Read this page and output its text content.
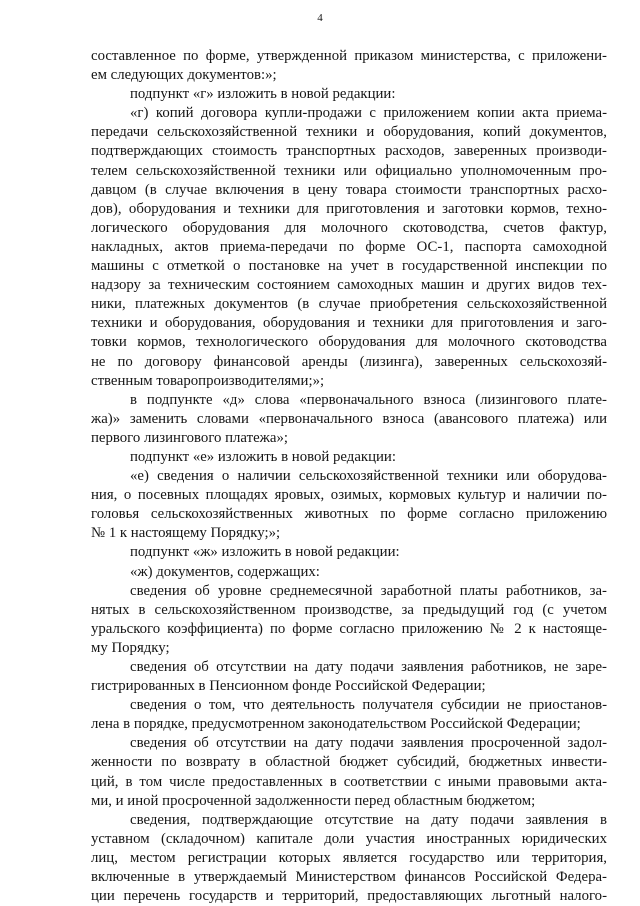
4
составленное по форме, утвержденной приказом министерства, с приложени-
ем следующих документов:»;
подпункт «г» изложить в новой редакции:
«г) копий договора купли-продажи с приложением копии акта приема-
передачи сельскохозяйственной техники и оборудования, копий документов,
подтверждающих стоимость транспортных расходов, заверенных производи-
телем сельскохозяйственной техники или официально уполномоченным про-
давцом (в случае включения в цену товара стоимости транспортных расхо-
дов), оборудования и техники для приготовления и заготовки кормов, техно-
логического оборудования для молочного скотоводства, счетов фактур,
накладных, актов приема-передачи по форме ОС-1, паспорта самоходной
машины с отметкой о постановке на учет в государственной инспекции по
надзору за техническим состоянием самоходных машин и других видов тех-
ники, платежных документов (в случае приобретения сельскохозяйственной
техники и оборудования, оборудования и техники для приготовления и заго-
товки кормов, технологического оборудования для молочного скотоводства
не по договору финансовой аренды (лизинга), заверенных сельскохозяй-
ственным товаропроизводителями;»;
в подпункте «д» слова «первоначального взноса (лизингового плате-
жа)» заменить словами «первоначального взноса (авансового платежа) или
первого лизингового платежа»;
подпункт «е» изложить в новой редакции:
«е) сведения о наличии сельскохозяйственной техники или оборудова-
ния, о посевных площадях яровых, озимых, кормовых культур и наличии по-
головья сельскохозяйственных животных по форме согласно приложению
№ 1 к настоящему Порядку;»;
подпункт «ж» изложить в новой редакции:
«ж) документов, содержащих:
сведения об уровне среднемесячной заработной платы работников, за-
нятых в сельскохозяйственном производстве, за предыдущий год (с учетом
уральского коэффициента) по форме согласно приложению № 2 к настояще-
му Порядку;
сведения об отсутствии на дату подачи заявления работников, не заре-
гистрированных в Пенсионном фонде Российской Федерации;
сведения о том, что деятельность получателя субсидии не приостанов-
лена в порядке, предусмотренном законодательством Российской Федерации;
сведения об отсутствии на дату подачи заявления просроченной задол-
женности по возврату в областной бюджет субсидий, бюджетных инвести-
ций, в том числе предоставленных в соответствии с иными правовыми акта-
ми, и иной просроченной задолженности перед областным бюджетом;
сведения, подтверждающие отсутствие на дату подачи заявления в
уставном (складочном) капитале доли участия иностранных юридических
лиц, местом регистрации которых является государство или территория,
включенные в утверждаемый Министерством финансов Российской Федера-
ции перечень государств и территорий, предоставляющих льготный налого-
